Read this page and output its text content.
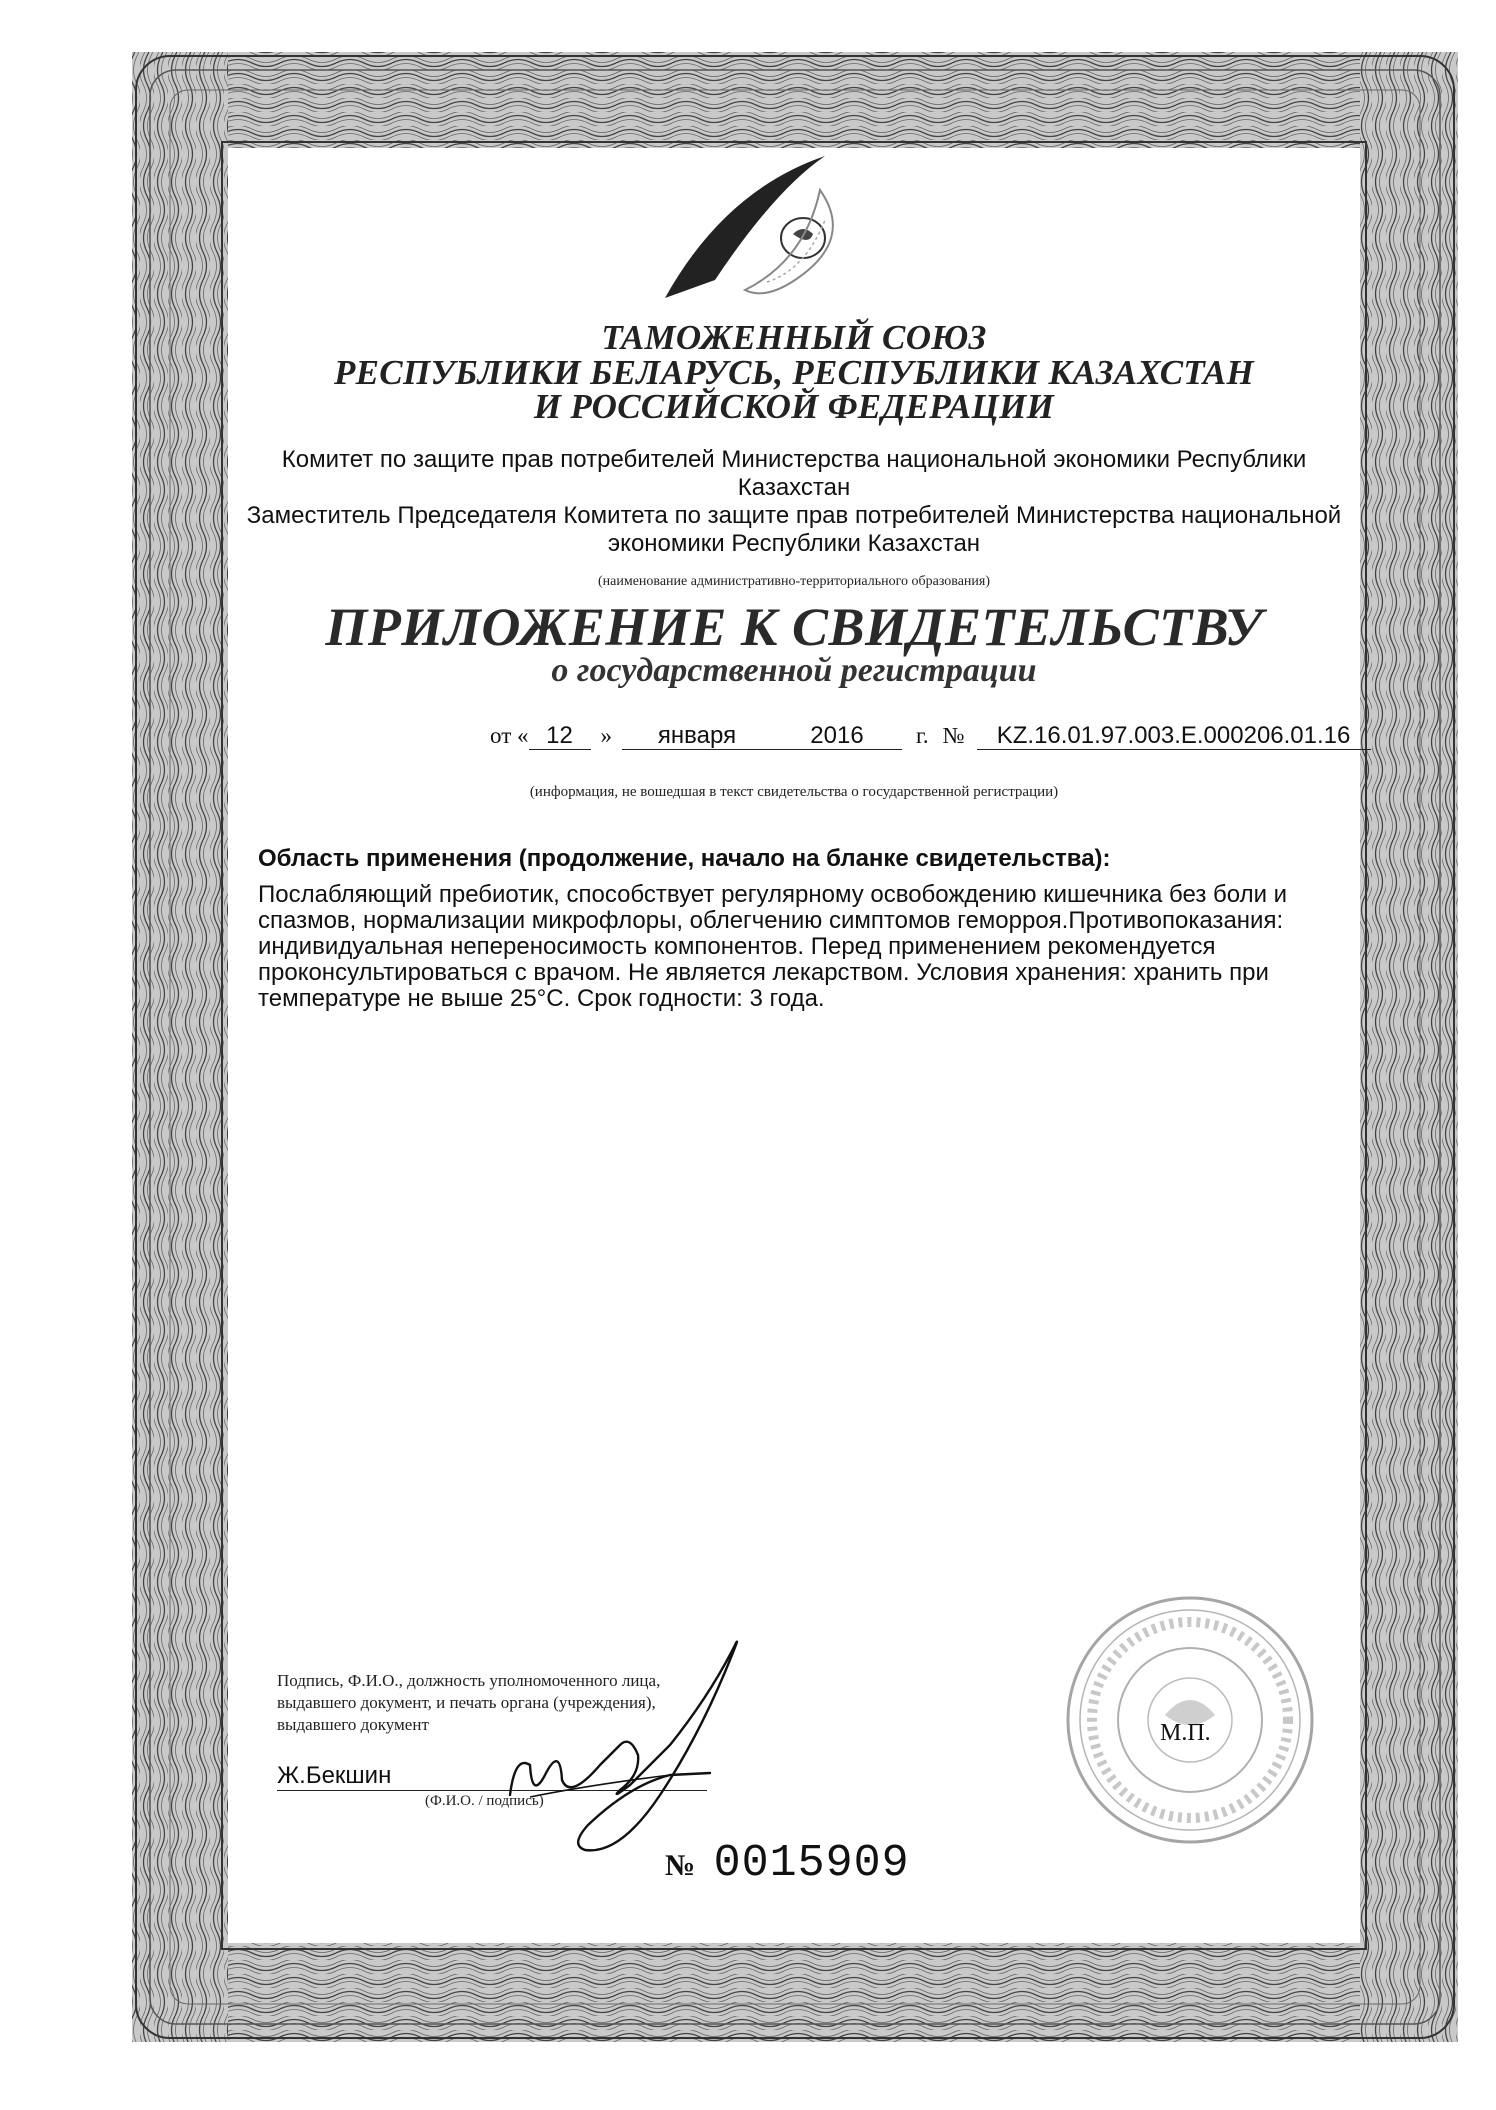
ТАМОЖЕННЫЙ СОЮЗ
РЕСПУБЛИКИ БЕЛАРУСЬ, РЕСПУБЛИКИ КАЗАХСТАН
И РОССИЙСКОЙ ФЕДЕРАЦИИ
Комитет по защите прав потребителей Министерства национальной экономики Республики
Казахстан
Заместитель Председателя Комитета по защите прав потребителей Министерства национальной
экономики Республики Казахстан
(наименование административно-территориального образования)
ПРИЛОЖЕНИЕ К СВИДЕТЕЛЬСТВУ
о государственной регистрации
от « 12 » января	2016 г. № KZ.16.01.97.003.E.000206.01.16
(информация, не вошедшая в текст свидетельства о государственной регистрации)
Область применения (продолжение, начало на бланке свидетельства):
Послабляющий пребиотик, способствует регулярному освобождению кишечника без боли и
спазмов, нормализации микрофлоры, облегчению симптомов геморроя.Противопоказания:
индивидуальная непереносимость компонентов. Перед применением рекомендуется
проконсультироваться с врачом. Не является лекарством. Условия хранения: хранить при
температуре не выше 25°С. Срок годности: 3 года.
Подпись, Ф.И.О., должность уполномоченного лица,
выдавшего документ, и печать органа (учреждения),
выдавшего документ
Ж.Бекшин
(Ф.И.О. / подпись)
М.П.
№ 0015909
